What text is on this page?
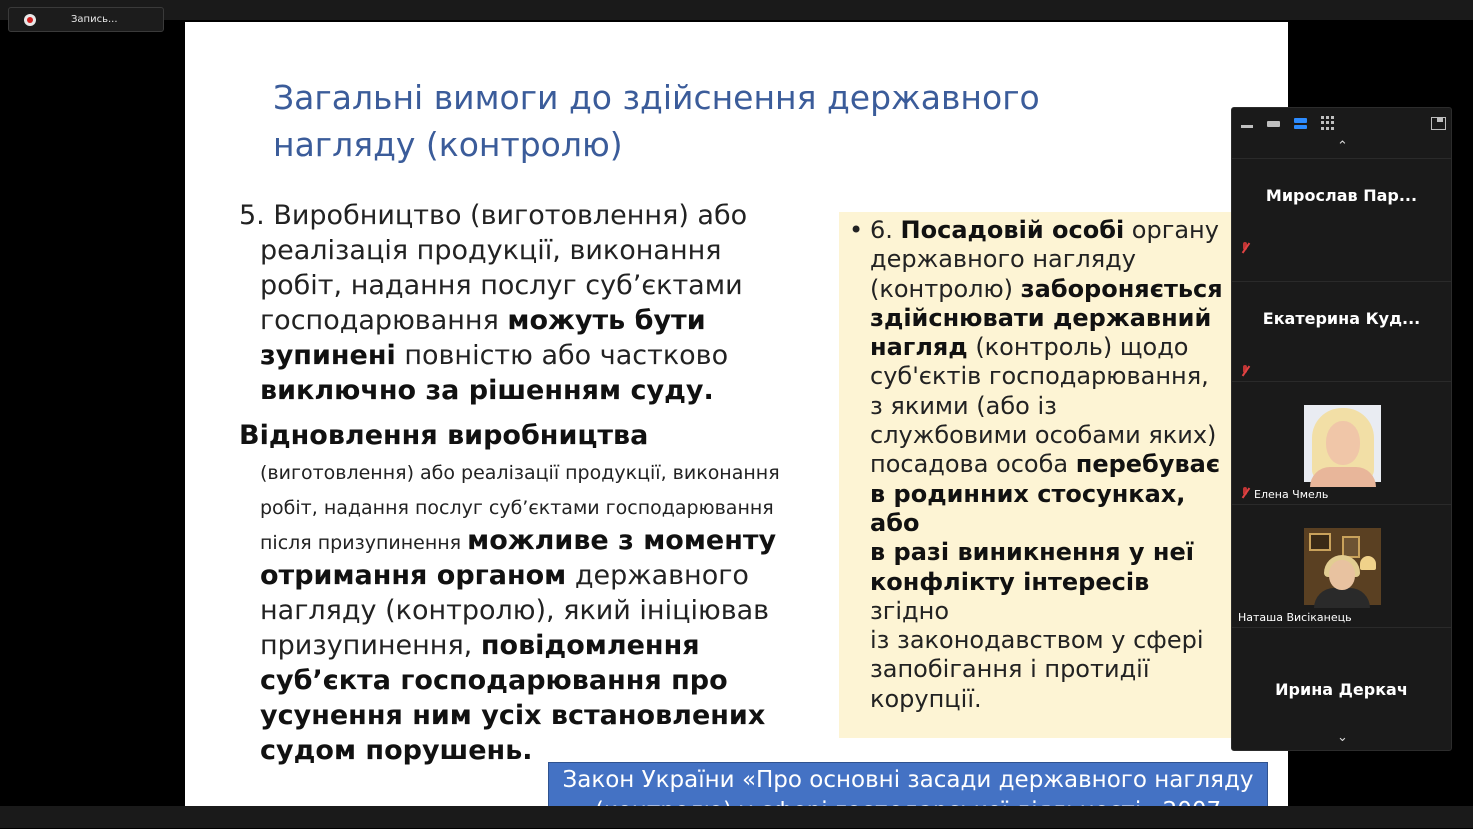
Запись...
Загальні вимоги до здійснення державного
нагляду (контролю)
5. Виробництво (виготовлення) або

реалізація продукції, виконання
робіт, надання послуг суб’єктами
господарювання можуть бути
зупинені повністю або частково
виключно за рішенням суду.
Відновлення виробництва
(виготовлення) або реалізації продукції, виконання
робіт, надання послуг суб’єктами господарювання
після призупинення можливе з моменту
отримання органом державного
нагляду (контролю), який ініціював
призупинення, повідомлення
суб’єкта господарювання про
усунення ним усіх встановлених
судом порушень.
• 6. Посадовій особі органу
державного нагляду
(контролю) забороняється
здійснювати державний
нагляд (контроль) щодо
суб'єктів господарювання,
з якими (або із
службовими особами яких)
посадова особа перебуває
в родинних стосунках, або
в разі виникнення у неї
конфлікту інтересів згідно
із законодавством у сфері
запобігання і протидії
корупції.
Закон України «Про основні засади державного нагляду
⌃
Мирослав Пар...
Екатерина Куд...
Елена Чмель
Наташа Висіканець
Ирина Деркач
⌄
